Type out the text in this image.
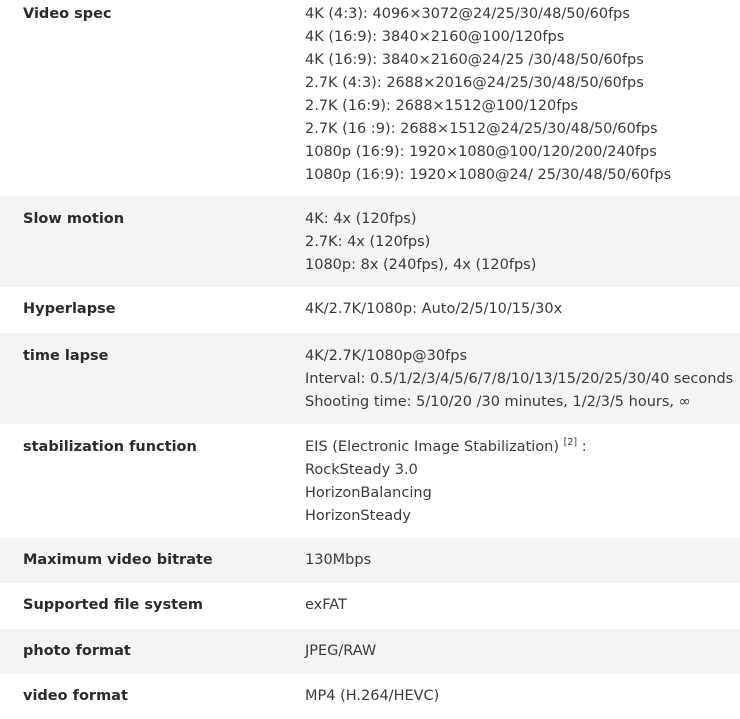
Video spec	4K (4:3): 4096×3072@24/25/30/48/50/60fps
4K (16:9): 3840×2160@100/120fps
4K (16:9): 3840×2160@24/25 /30/48/50/60fps
2.7K (4:3): 2688×2016@24/25/30/48/50/60fps
2.7K (16:9): 2688×1512@100/120fps
2.7K (16 :9): 2688×1512@24/25/30/48/50/60fps
1080p (16:9): 1920×1080@100/120/200/240fps
1080p (16:9): 1920×1080@24/ 25/30/48/50/60fps
Slow motion	4K: 4x (120fps)
2.7K: 4x (120fps)
1080p: 8x (240fps), 4x (120fps)
Hyperlapse	4K/2.7K/1080p: Auto/2/5/10/15/30x
time lapse	4K/2.7K/1080p@30fps
Interval: 0.5/1/2/3/4/5/6/7/8/10/13/15/20/25/30/40 seconds
Shooting time: 5/10/20 /30 minutes, 1/2/3/5 hours, ∞
stabilization function	EIS (Electronic Image Stabilization) [2] :
RockSteady 3.0
HorizonBalancing
HorizonSteady
Maximum video bitrate	130Mbps
Supported file system	exFAT
photo format	JPEG/RAW
video format	MP4 (H.264/HEVC)
